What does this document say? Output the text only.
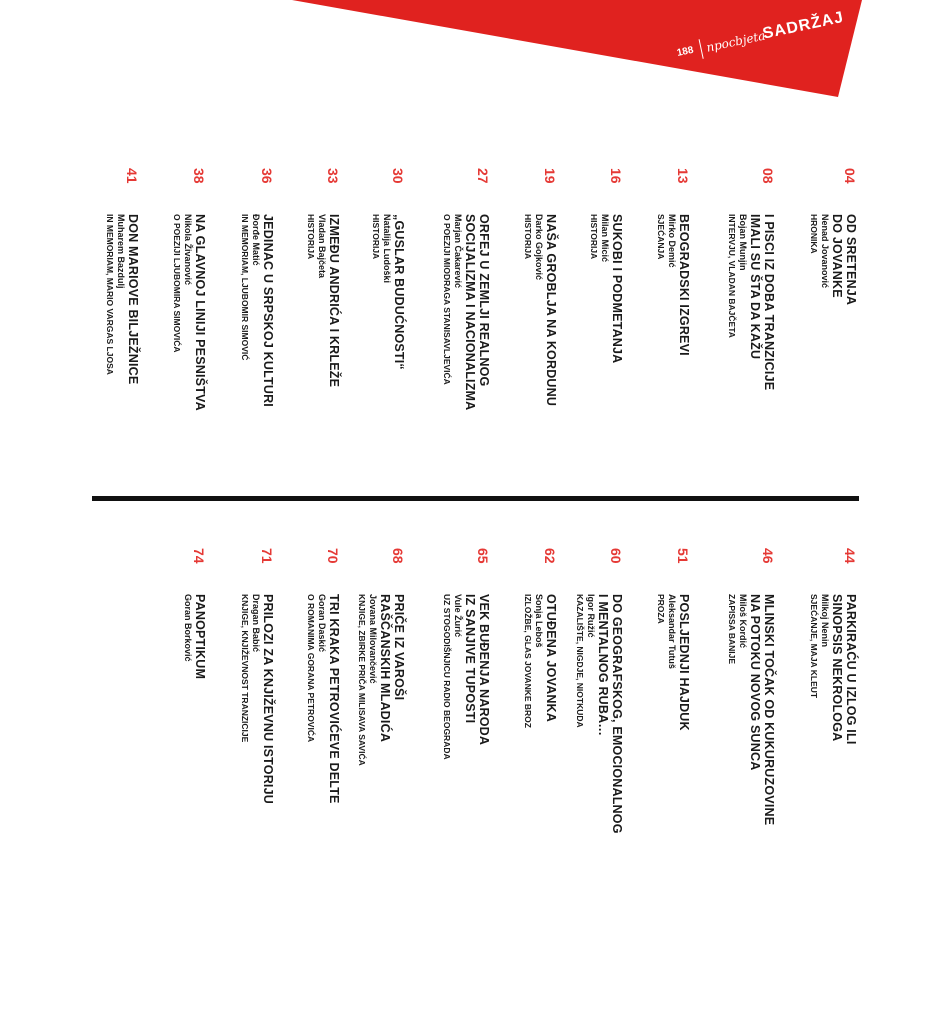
188 npocbjeta
SADRŽAJ
04
OD SRETENJA
DO JOVANKE
Nenad Jovanović
HRONIKA
08
I PISCI IZ DOBA TRANZICIJE
IMALI SU ŠTA DA KAŽU
Bojan Munjin
INTERVJU, VLADAN BAJČETA
13
BEOGRADSKI IZGREVI
Mirko Demić
SJEĆANJA
16
SUKOBI I PODMETANJA
Milan Micić
HISTORIJA
19
NAŠA GROBLJA NA KORDUNU
Darko Gojković
HISTORIJA
27
ORFEJ U ZEMLJI REALNOG
SOCIJALIZMA I NACIONALIZMA
Marjan Čakarević
O POEZIJI MIODRAGA STANISAVLJEVIĆA
30
„GUSLAR BUDUĆNOSTI“
Natalija Ludoški
HISTORIJA
33
IZMEĐU ANDRIĆA I KRLEŽE
Vladan Bajčeta
HISTORIJA
36
JEDINAC U SRPSKOJ KULTURI
Đorđe Matić
IN MEMORIAM, LJUBOMIR SIMOVIĆ
38
NA GLAVNOJ LINIJI PESNIŠTVA
Nikola Živanović
O POEZIJI LJUBOMIRA SIMOVIĆA
41
DON MARIOVE BILJEŽNICE
Muharem Bazdulj
IN MEMORIAM, MARIO VARGAS LJOSA
44
PARKIRAĆU U IZLOG ILI
SINOPSIS NEKROLOGA
Milkoj Nenin
SJEĆANJE, MAJA KLEUT
46
MLINSKI TOČAK OD KUKURUZOVINE
NA POTOKU NOVOG SUNCA
Miloš Kordić
ZAPISSA BANIJE
51
POSLJEDNJI HAJDUK
Aleksandar Tutuš
PROZA
60
DO GEOGRAFSKOG, EMOCIONALNOG
I MENTALNOG RUBA…
Igor Ružić
KAZALIŠTE, NIGDJE, NIOTKUDA
62
OTUĐENA JOVANKA
Sonja Leboš
IZLOŽBE, GLAS JOVANKE BROZ
65
VEK BUĐENJA NARODA
IZ SANJIVE TUPOSTI
Vule Žurić
UZ STOGODIŠNJICU RADIO BEOGRADA
68
PRIČE IZ VAROŠI
RAŠČANSKIH MLADIĆA
Jovana Milovančević
KNJIGE, ZBIRKE PRIČA MILISAVA SAVIĆA
70
TRI KRAKA PETROVIĆEVE DELTE
Goran Daskić
O ROMANIMA GORANA PETROVIĆA
71
PRILOZI ZA KNJIŽEVNU ISTORIJU
Dragan Babić
KNJIGE, KNJIŽEVNOST TRANZICIJE
74
PANOPTIKUM
Goran Borković
